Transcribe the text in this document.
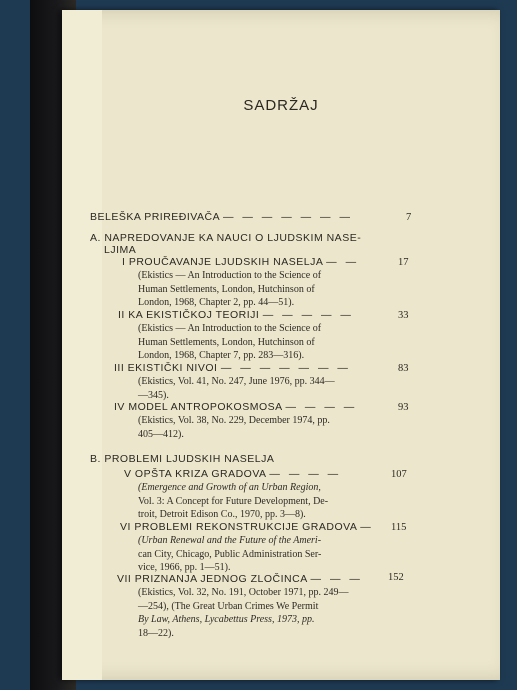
SADRŽAJ
BELEŠKA PRIREĐIVAČA — — — — — — —	7
A. NAPREDOVANJE KA NAUCI O LJUDSKIM NASE-
LJIMA
I PROUČAVANJE LJUDSKIH NASELJA — —	17
(Ekistics — An Introduction to the Science of
Human Settlements, London, Hutchinson of
London, 1968, Chapter 2, pp. 44—51).
II KA EKISTIČKOJ TEORIJI — — — — —	33
(Ekistics — An Introduction to the Science of
Human Settlements, London, Hutchinson of
London, 1968, Chapter 7, pp. 283—316).
III EKISTIČKI NIVOI — — — — — — —	83
(Ekistics, Vol. 41, No. 247, June 1976, pp. 344—
—345).
IV MODEL ANTROPOKOSMOSA — — — —	93
(Ekistics, Vol. 38, No. 229, December 1974, pp.
405—412).
B. PROBLEMI LJUDSKIH NASELJA
V OPŠTA KRIZA GRADOVA — — — —	107
(Emergence and Growth of an Urban Region,
Vol. 3: A Concept for Future Development, De-
troit, Detroit Edison Co., 1970, pp. 3—8).
VI PROBLEMI REKONSTRUKCIJE GRADOVA — 115
(Urban Renewal and the Future of the Ameri-
can City, Chicago, Public Administration Ser-
vice, 1966, pp. 1—51).
VII PRIZNANJA JEDNOG ZLOČINCA — — — 152
(Ekistics, Vol. 32, No. 191, October 1971, pp. 249—
—254), (The Great Urban Crimes We Permit
By Law, Athens, Lycabettus Press, 1973, pp.
18—22).
